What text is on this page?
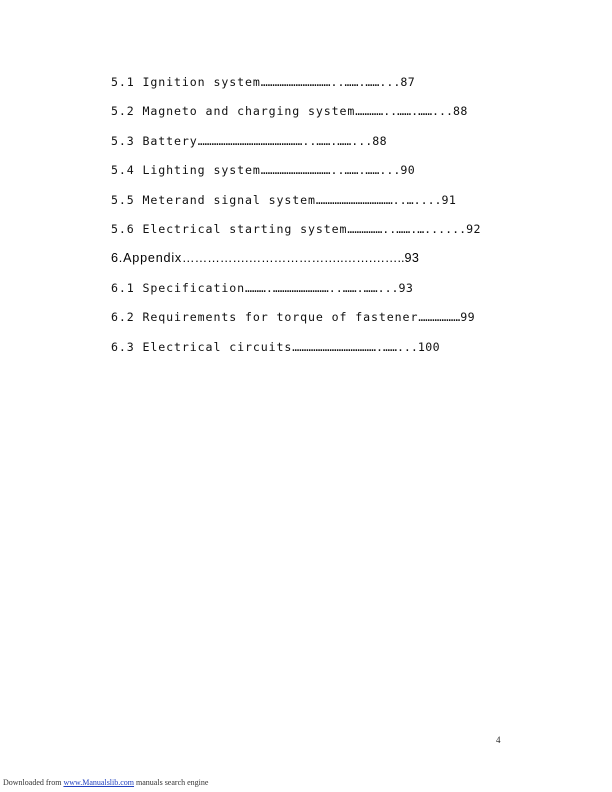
5.1 Ignition system…………………………..…….……...87
5.2 Magneto and charging system…………..…….……...88
5.3 Battery………………………………………..…….……...88
5.4 Lighting system…………………………..…….……...90
5.5 Meterand signal system……………………………..…....91
5.6 Electrical starting system……………..…….…......92
6.Appendix…………….…………………..…….……..93
6.1 Specification……….……………………..…….……...93
6.2 Requirements for torque of fastener………………99
6.3 Electrical circuits……………………………….……...100
4
Downloaded from www.Manualslib.com manuals search engine
